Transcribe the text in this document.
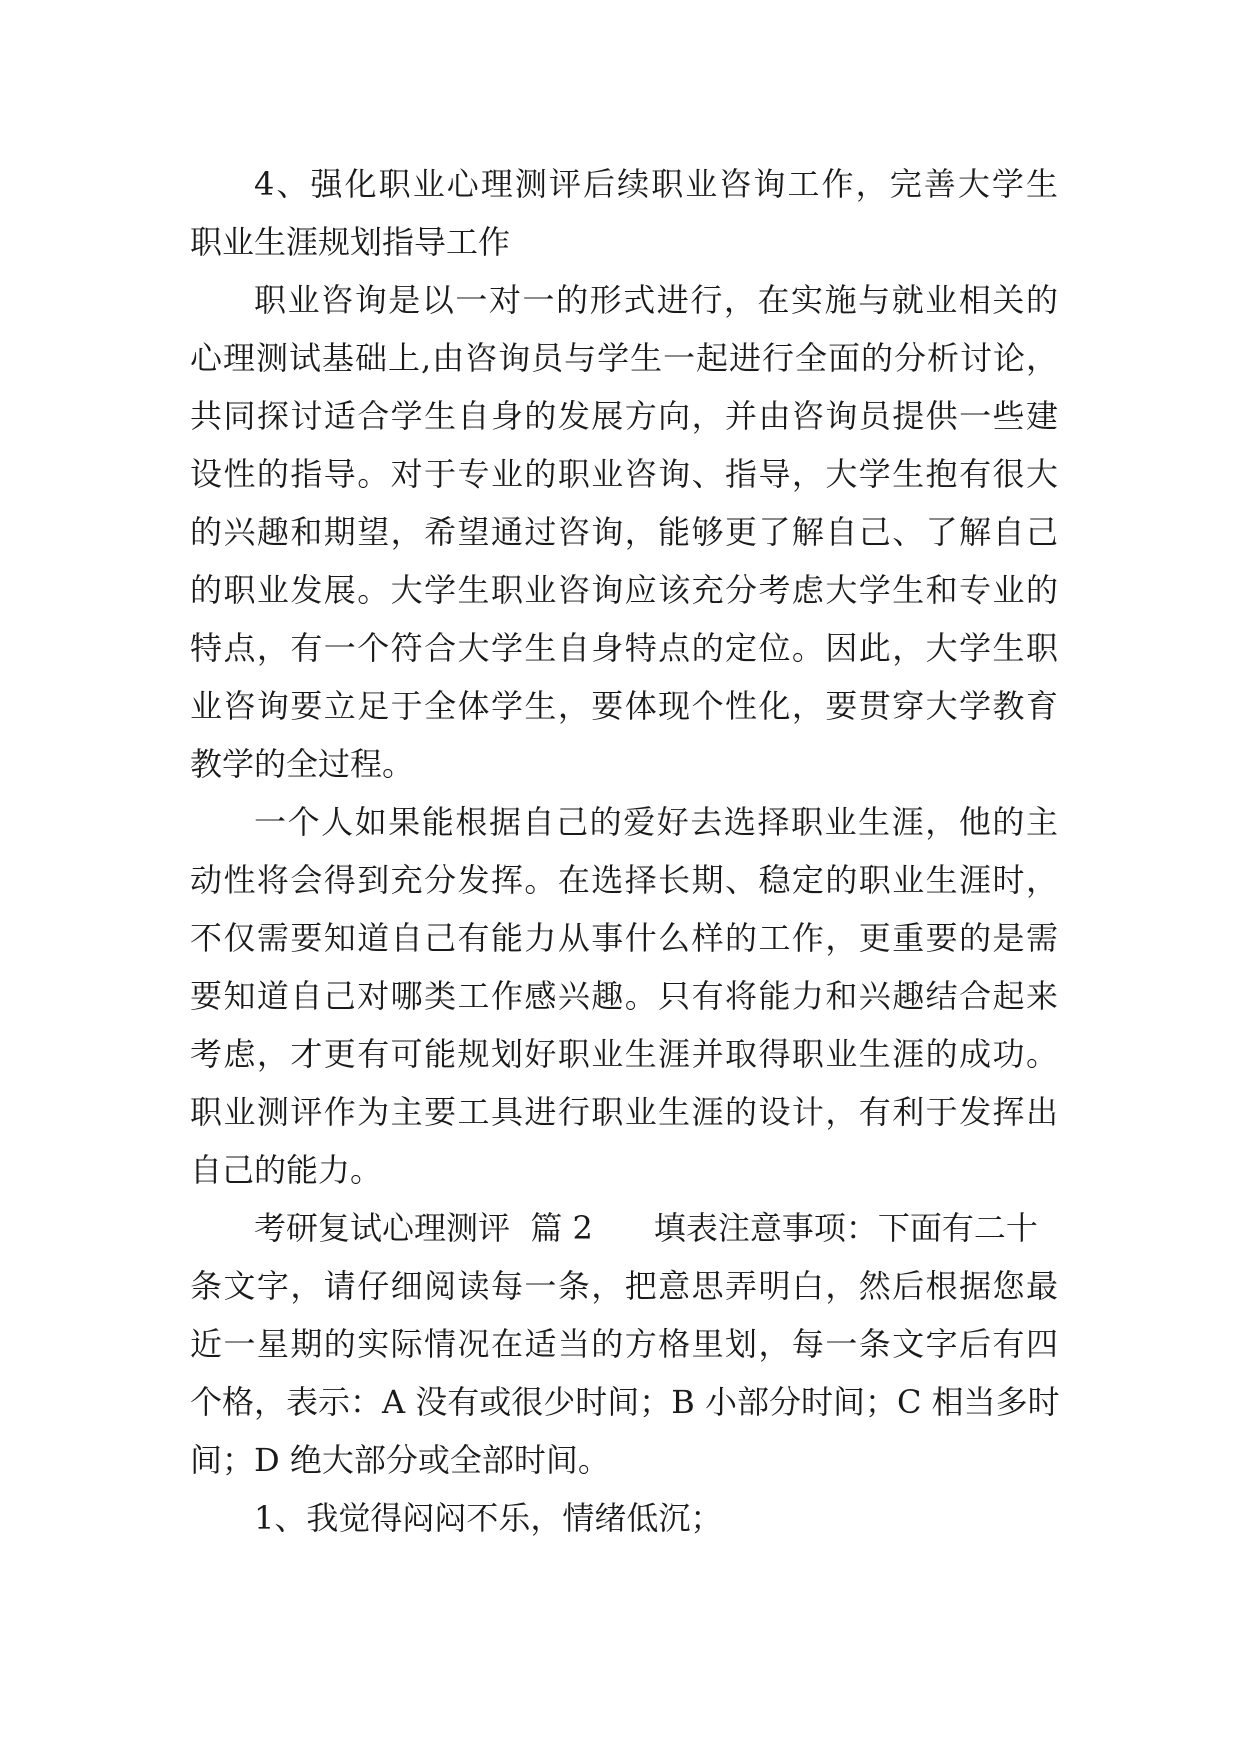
4、强化职业心理测评后续职业咨询工作，完善大学生
职业生涯规划指导工作
职业咨询是以一对一的形式进行，在实施与就业相关的
心理测试基础上,由咨询员与学生一起进行全面的分析讨论，
共同探讨适合学生自身的发展方向，并由咨询员提供一些建
设性的指导。对于专业的职业咨询、指导，大学生抱有很大
的兴趣和期望，希望通过咨询，能够更了解自己、了解自己
的职业发展。大学生职业咨询应该充分考虑大学生和专业的
特点，有一个符合大学生自身特点的定位。因此，大学生职
业咨询要立足于全体学生，要体现个性化，要贯穿大学教育
教学的全过程。
一个人如果能根据自己的爱好去选择职业生涯，他的主
动性将会得到充分发挥。在选择长期、稳定的职业生涯时，
不仅需要知道自己有能力从事什么样的工作，更重要的是需
要知道自己对哪类工作感兴趣。只有将能力和兴趣结合起来
考虑，才更有可能规划好职业生涯并取得职业生涯的成功。
职业测评作为主要工具进行职业生涯的设计，有利于发挥出
自己的能力。
考研复试心理测评  篇 2      填表注意事项：下面有二十
条文字，请仔细阅读每一条，把意思弄明白，然后根据您最
近一星期的实际情况在适当的方格里划，每一条文字后有四
个格，表示：A 没有或很少时间；B 小部分时间；C 相当多时
间；D 绝大部分或全部时间。
1、我觉得闷闷不乐，情绪低沉；
